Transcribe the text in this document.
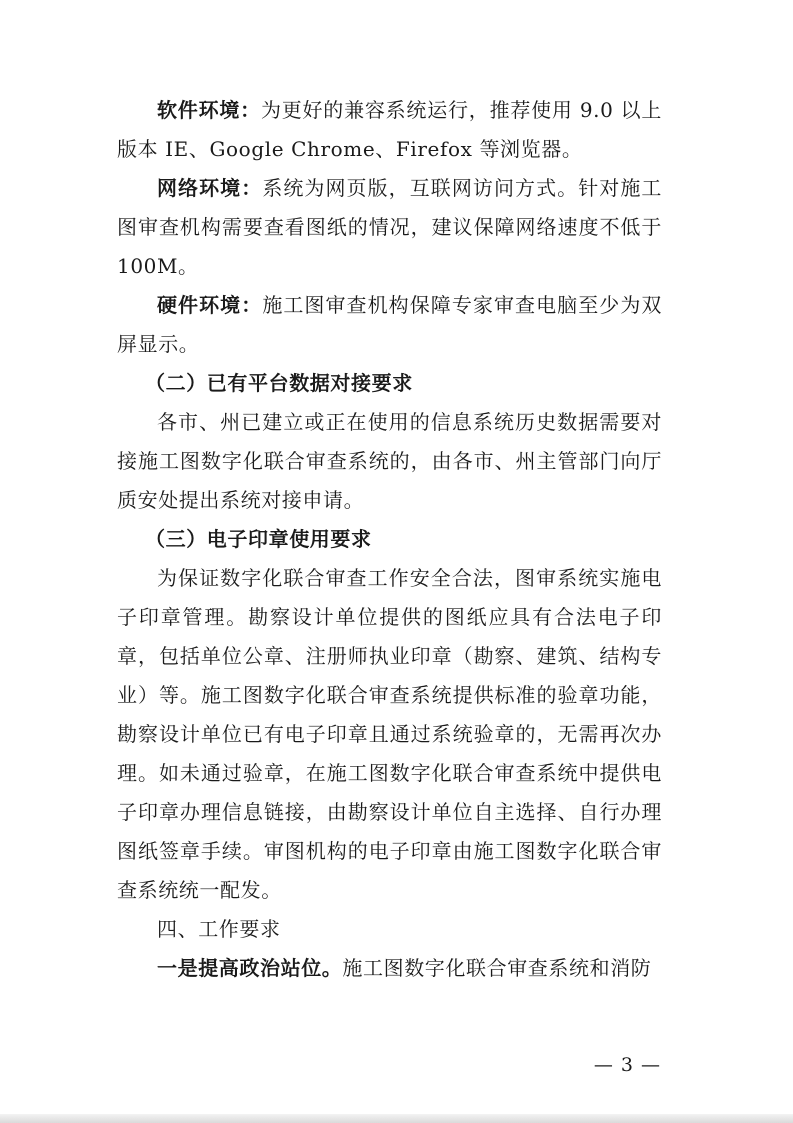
软件环境：为更好的兼容系统运行，推荐使用 9.0 以上版本 IE、Google Chrome、Firefox 等浏览器。

网络环境：系统为网页版，互联网访问方式。针对施工图审查机构需要查看图纸的情况，建议保障网络速度不低于 100M。

硬件环境：施工图审查机构保障专家审查电脑至少为双屏显示。

（二）已有平台数据对接要求

各市、州已建立或正在使用的信息系统历史数据需要对接施工图数字化联合审查系统的，由各市、州主管部门向厅质安处提出系统对接申请。

（三）电子印章使用要求

为保证数字化联合审查工作安全合法，图审系统实施电子印章管理。勘察设计单位提供的图纸应具有合法电子印章，包括单位公章、注册师执业印章（勘察、建筑、结构专业）等。施工图数字化联合审查系统提供标准的验章功能，勘察设计单位已有电子印章且通过系统验章的，无需再次办理。如未通过验章，在施工图数字化联合审查系统中提供电子印章办理信息链接，由勘察设计单位自主选择、自行办理图纸签章手续。审图机构的电子印章由施工图数字化联合审查系统统一配发。

四、工作要求

一是提高政治站位。施工图数字化联合审查系统和消防

— 3 —
